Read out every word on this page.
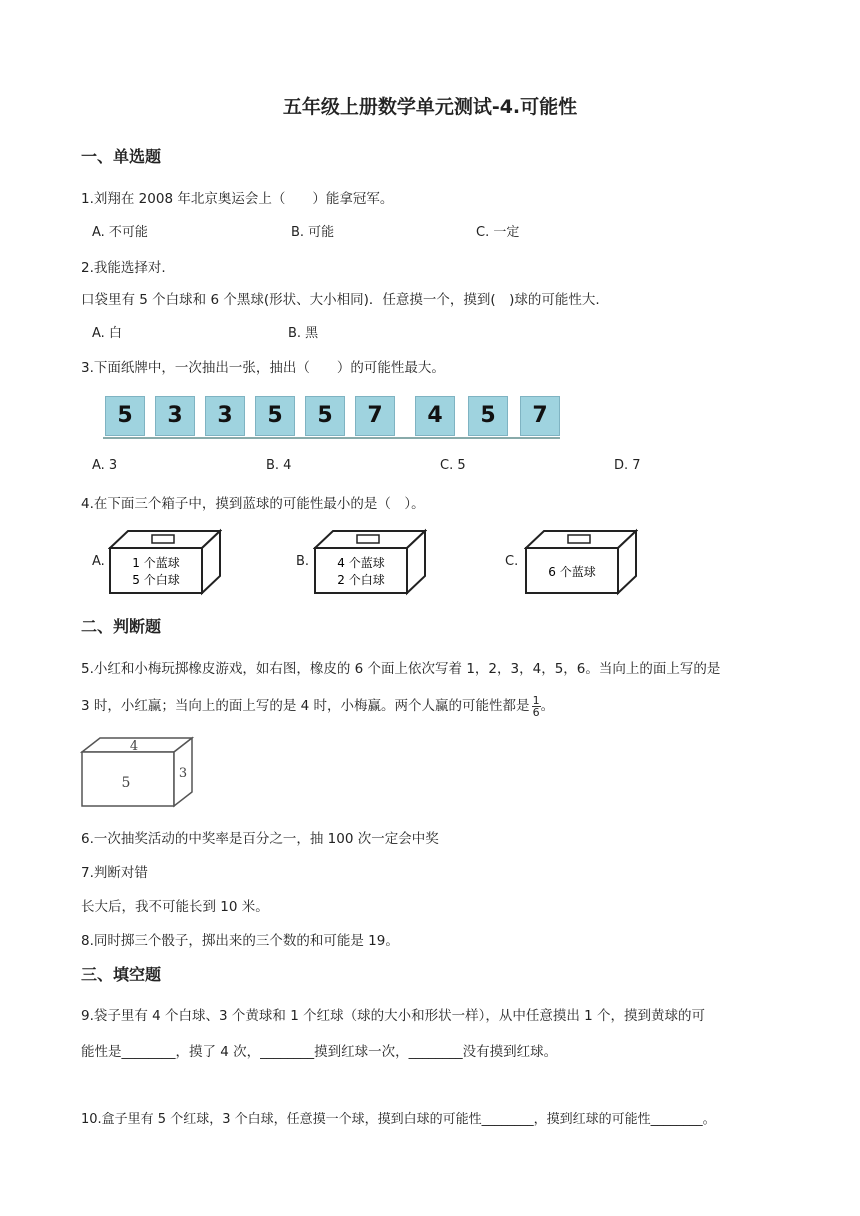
五年级上册数学单元测试-4.可能性
一、单选题
1.刘翔在 2008 年北京奥运会上（　　）能拿冠军。
A. 不可能	B. 可能	C. 一定
2.我能选择对.
口袋里有 5 个白球和 6 个黑球(形状、大小相同)．任意摸一个，摸到(　)球的可能性大.
A. 白	B. 黑
3.下面纸牌中，一次抽出一张，抽出（　　）的可能性最大。
5	3	3	5	5	7	4	5	7
A. 3	B. 4	C. 5	D. 7
4.在下面三个箱子中，摸到蓝球的可能性最小的是（　）。
A.	B.	C.
1 个蓝球
5 个白球
4 个蓝球
2 个白球
6 个蓝球
二、判断题
5.小红和小梅玩掷橡皮游戏，如右图，橡皮的 6 个面上依次写着 1，2，3，4，5，6。当向上的面上写的是
3 时，小红赢；当向上的面上写的是 4 时，小梅赢。两个人赢的可能性都是 $\frac{1}{6}$ 。
4
5
3
6.一次抽奖活动的中奖率是百分之一，抽 100 次一定会中奖
7.判断对错
长大后，我不可能长到 10 米。
8.同时掷三个骰子，掷出来的三个数的和可能是 19。
三、填空题
9.袋子里有 4 个白球、3 个黄球和 1 个红球（球的大小和形状一样），从中任意摸出 1 个，摸到黄球的可
能性是________，摸了 4 次，________摸到红球一次，________没有摸到红球。
10.盒子里有 5 个红球，3 个白球，任意摸一个球，摸到白球的可能性________，摸到红球的可能性________。
